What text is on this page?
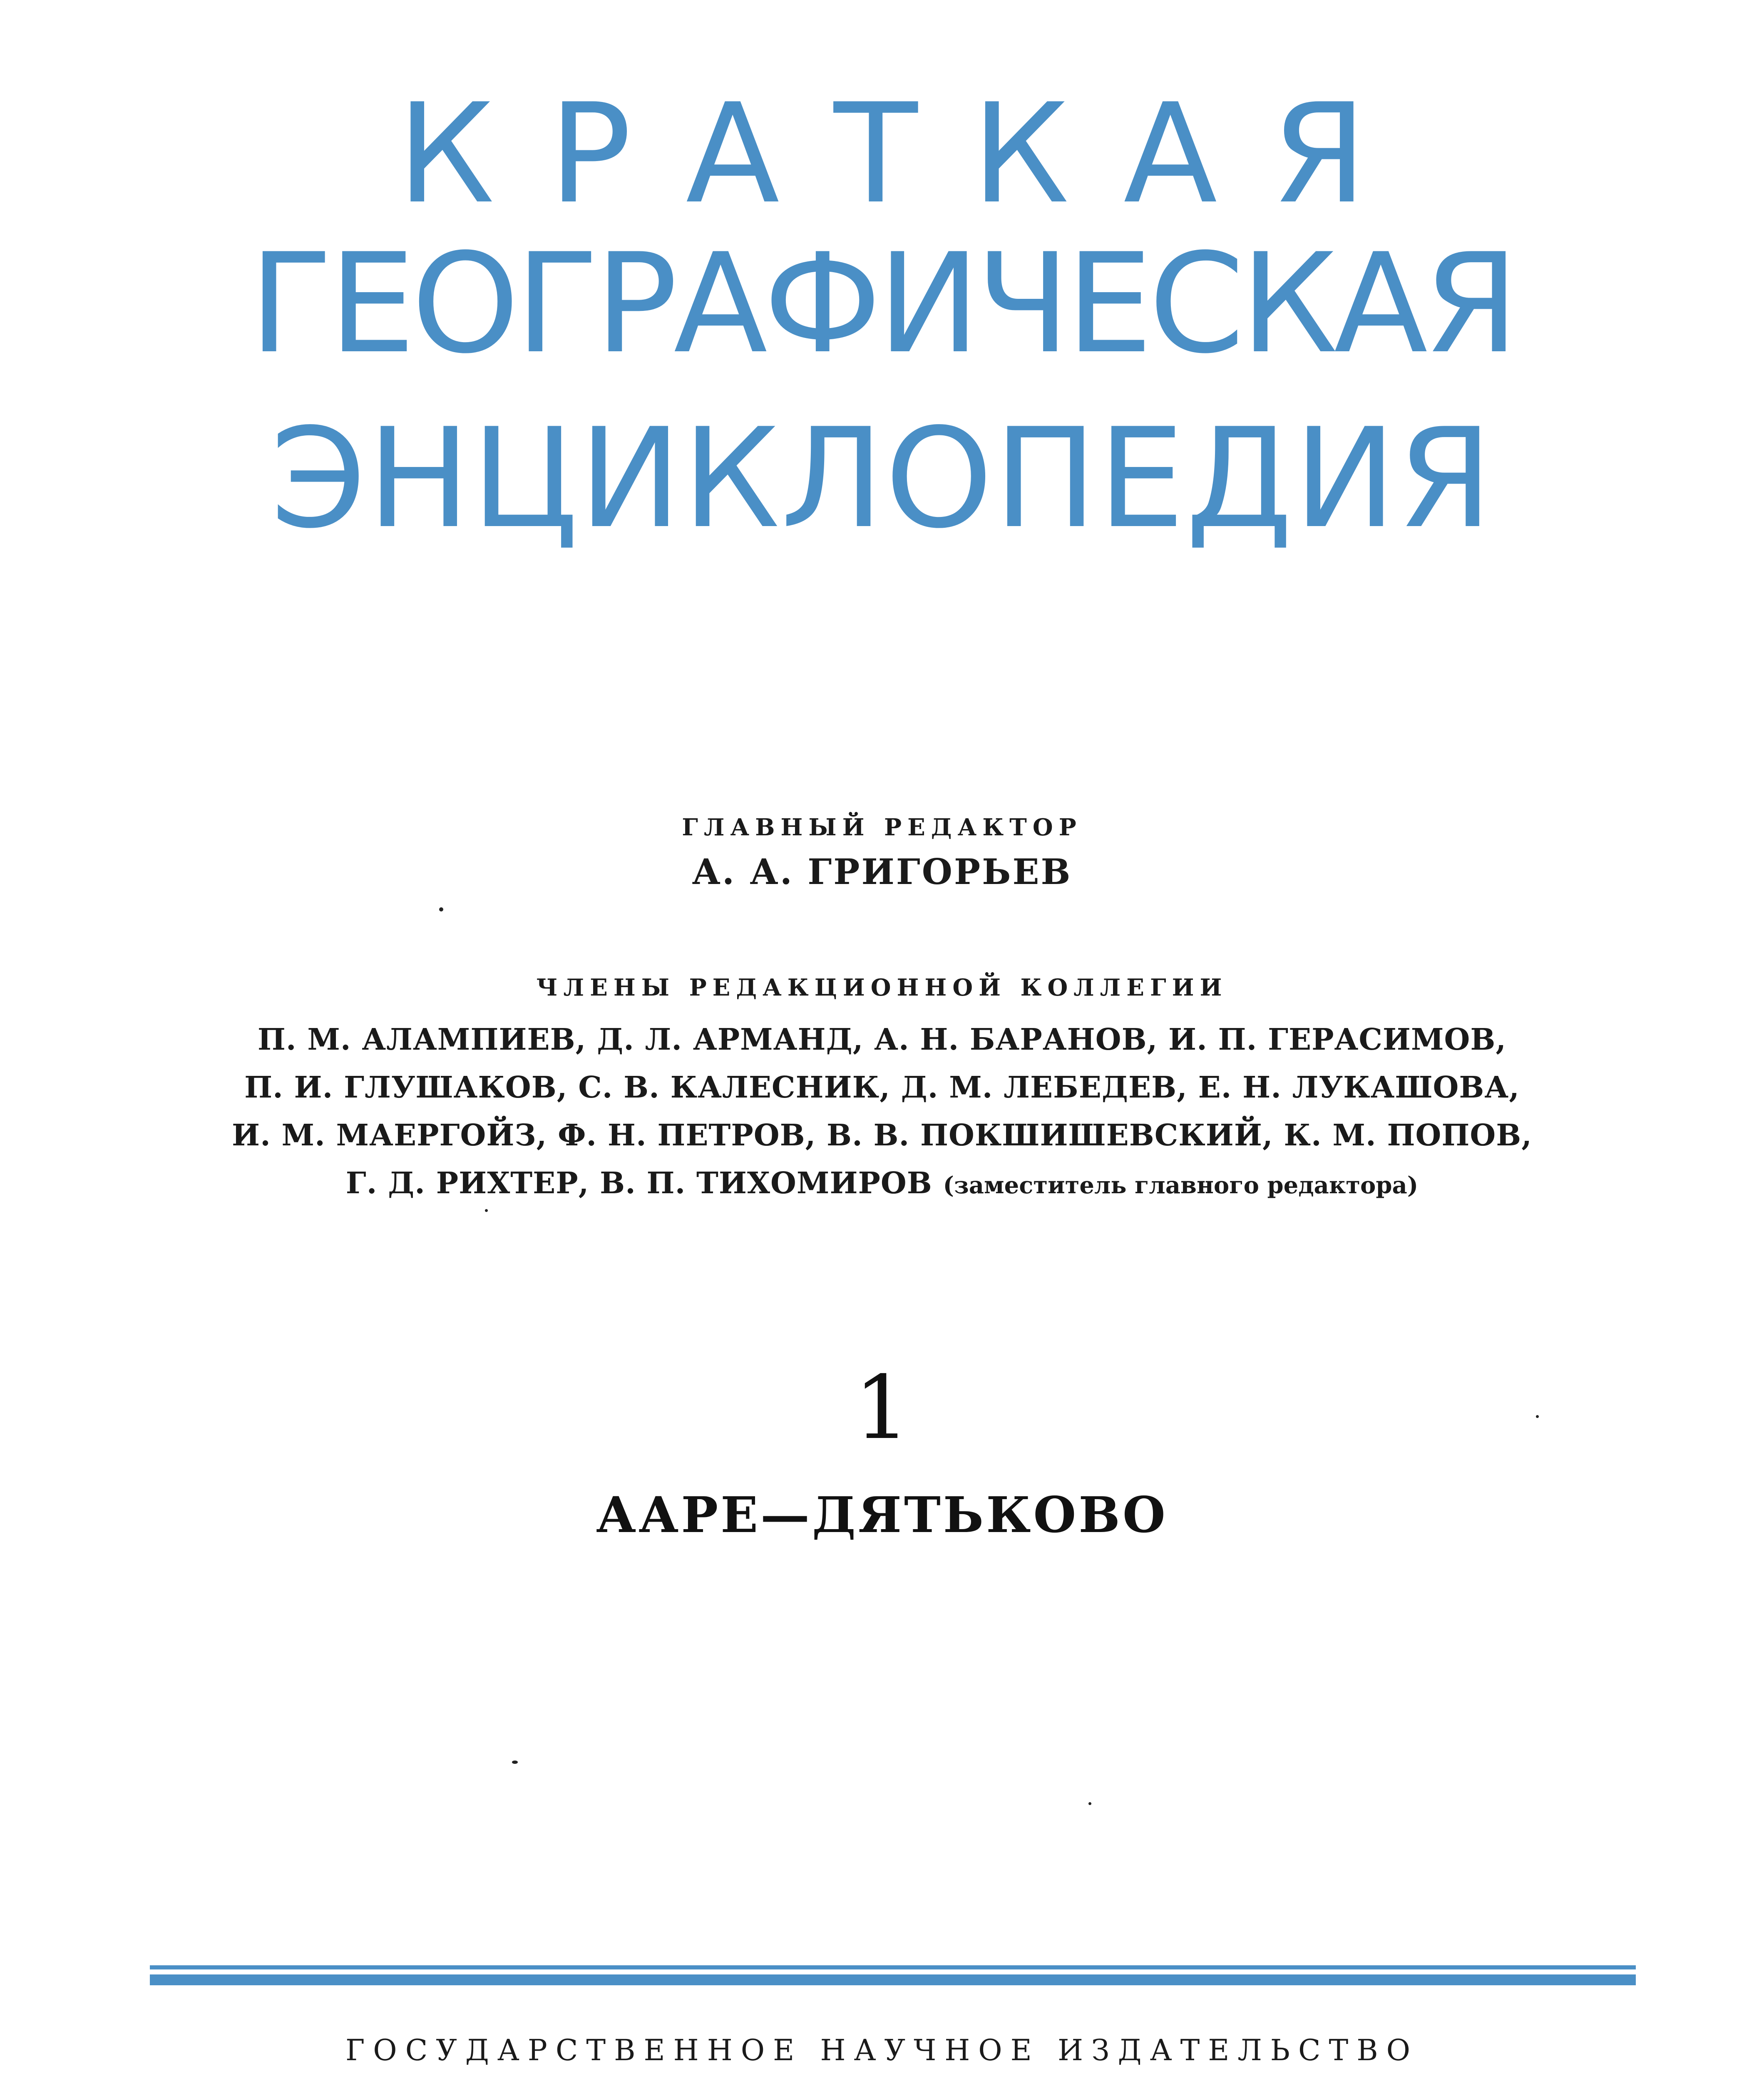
КРАТКАЯ
ГЕОГРАФИЧЕСКАЯ
ЭНЦИКЛОПЕДИЯ
ГЛАВНЫЙ РЕДАКТОР
А. А. ГРИГОРЬЕВ
ЧЛЕНЫ РЕДАКЦИОННОЙ КОЛЛЕГИИ
П. М. АЛАМПИЕВ, Д. Л. АРМАНД, А. Н. БАРАНОВ, И. П. ГЕРАСИМОВ,
П. И. ГЛУШАКОВ, С. В. КАЛЕСНИК, Д. М. ЛЕБЕДЕВ, Е. Н. ЛУКАШОВА,
И. М. МАЕРГОЙЗ, Ф. Н. ПЕТРОВ, В. В. ПОКШИШЕВСКИЙ, К. М. ПОПОВ,
Г. Д. РИХТЕР, В. П. ТИХОМИРОВ (заместитель главного редактора)
1
ААРЕ—ДЯТЬКОВО
ГОСУДАРСТВЕННОЕ НАУЧНОЕ ИЗДАТЕЛЬСТВО
